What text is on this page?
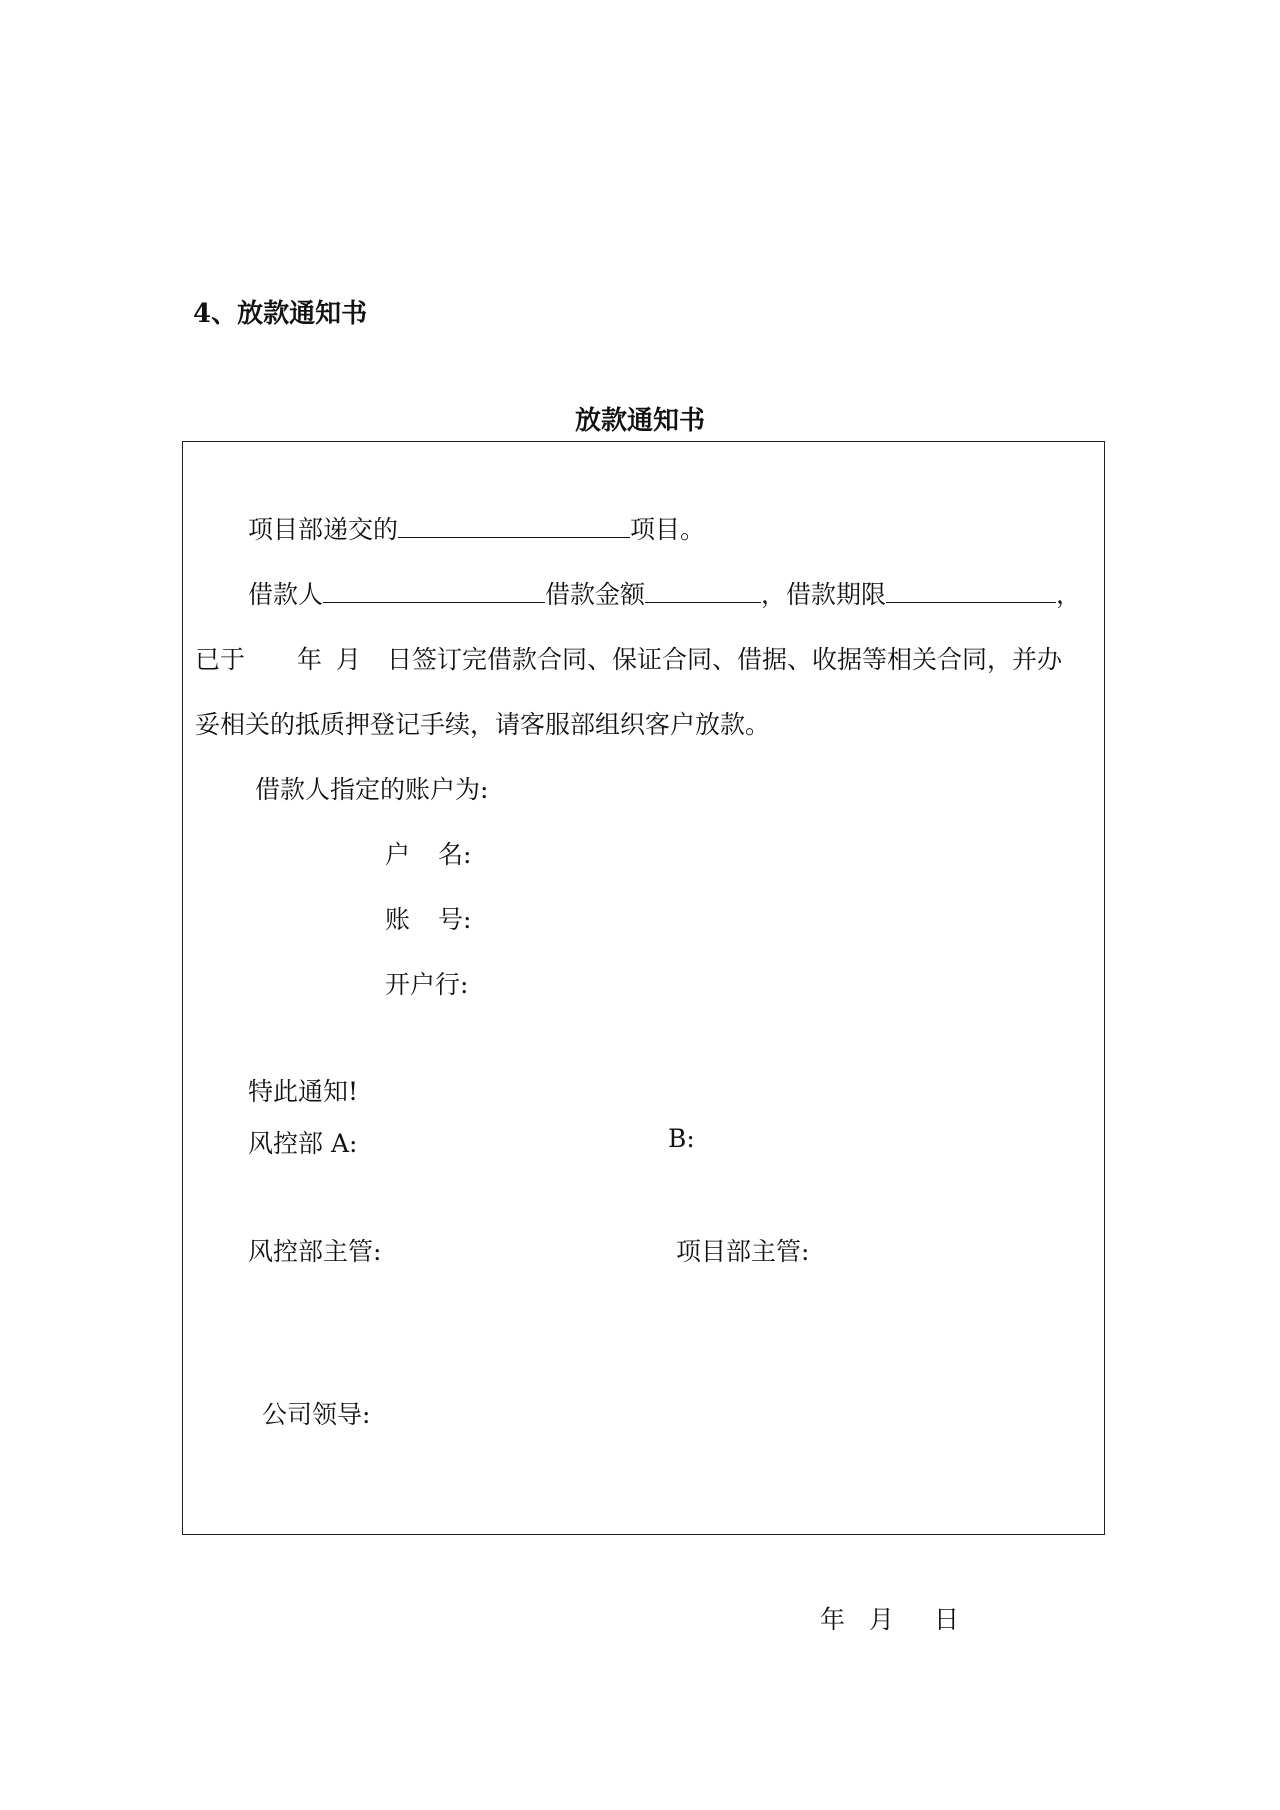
4、放款通知书
放款通知书
项目部递交的	项目。
借款人	借款金额	，借款期限	，
已于 年 月 日签订完借款合同、保证合同、借据、收据等相关合同，并办
妥相关的抵质押登记手续，请客服部组织客户放款。
借款人指定的账户为:
户 名:
账 号:
开户行:
特此通知!
风控部 A:	B:
风控部主管:	项目部主管:
公司领导:
年 月 日
